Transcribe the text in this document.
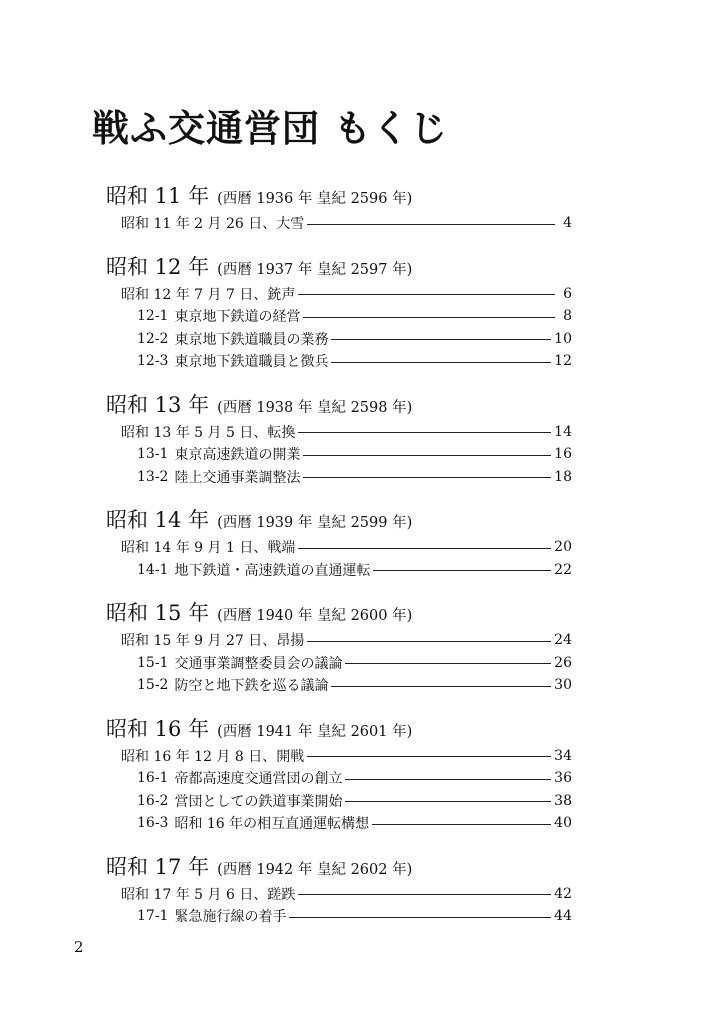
戦ふ交通営団 もくじ
昭和 11 年 (西暦 1936 年 皇紀 2596 年)
昭和 11 年 2 月 26 日、大雪	4
昭和 12 年 (西暦 1937 年 皇紀 2597 年)
昭和 12 年 7 月 7 日、銃声	6
12-1 東京地下鉄道の経営	8
12-2 東京地下鉄道職員の業務	10
12-3 東京地下鉄道職員と徴兵	12
昭和 13 年 (西暦 1938 年 皇紀 2598 年)
昭和 13 年 5 月 5 日、転換	14
13-1 東京高速鉄道の開業	16
13-2 陸上交通事業調整法	18
昭和 14 年 (西暦 1939 年 皇紀 2599 年)
昭和 14 年 9 月 1 日、戦端	20
14-1 地下鉄道・高速鉄道の直通運転	22
昭和 15 年 (西暦 1940 年 皇紀 2600 年)
昭和 15 年 9 月 27 日、昂揚	24
15-1 交通事業調整委員会の議論	26
15-2 防空と地下鉄を巡る議論	30
昭和 16 年 (西暦 1941 年 皇紀 2601 年)
昭和 16 年 12 月 8 日、開戦	34
16-1 帝都高速度交通営団の創立	36
16-2 営団としての鉄道事業開始	38
16-3 昭和 16 年の相互直通運転構想	40
昭和 17 年 (西暦 1942 年 皇紀 2602 年)
昭和 17 年 5 月 6 日、蹉跌	42
17-1 緊急施行線の着手	44
2
